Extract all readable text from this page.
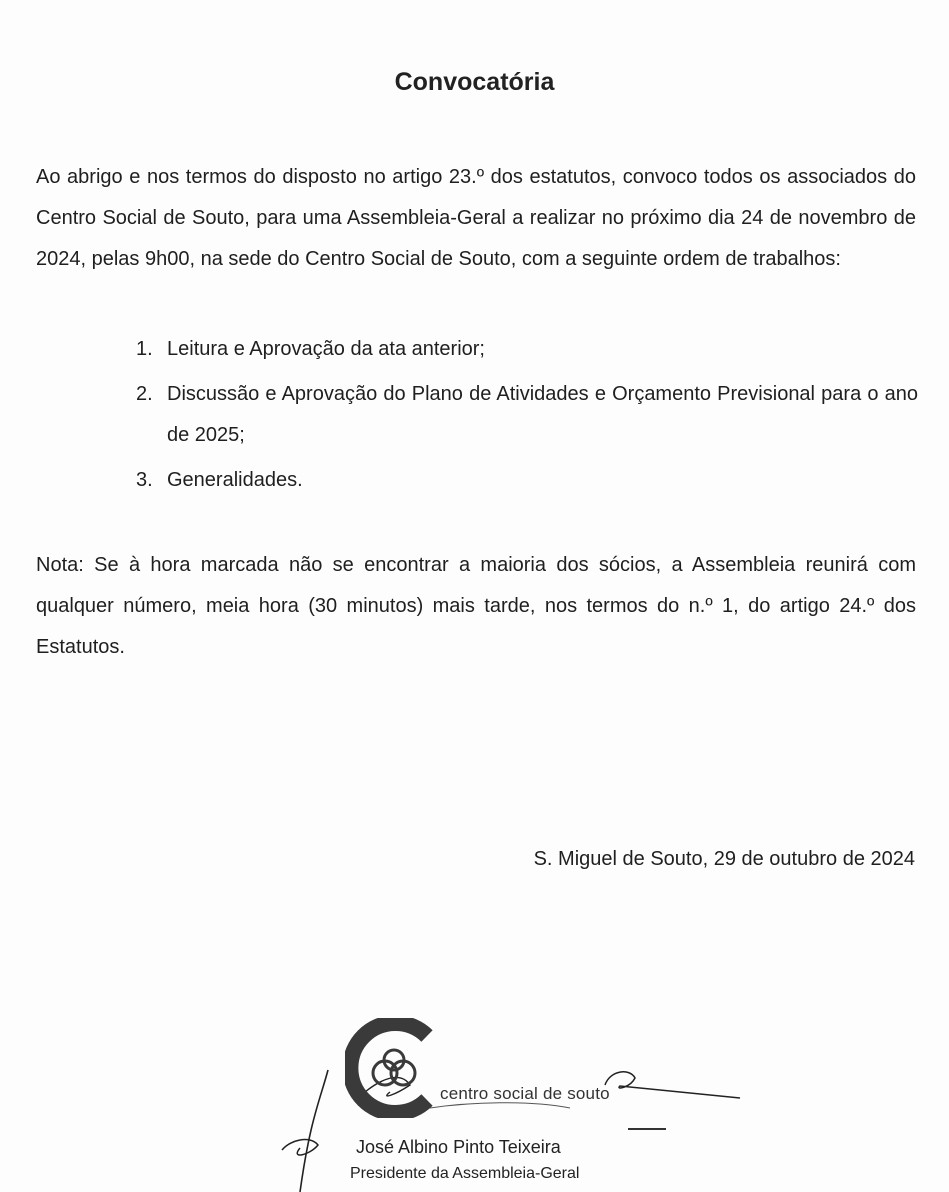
Convocatória
Ao abrigo e nos termos do disposto no artigo 23.º dos estatutos, convoco todos os associados do Centro Social de Souto, para uma Assembleia-Geral a realizar no próximo dia 24 de novembro de 2024, pelas 9h00, na sede do Centro Social de Souto, com a seguinte ordem de trabalhos:
1. Leitura e Aprovação da ata anterior;
2. Discussão e Aprovação do Plano de Atividades e Orçamento Previsional para o ano de 2025;
3. Generalidades.
Nota: Se à hora marcada não se encontrar a maioria dos sócios, a Assembleia reunirá com qualquer número, meia hora (30 minutos) mais tarde, nos termos do n.º 1, do artigo 24.º dos Estatutos.
S. Miguel de Souto, 29 de outubro de 2024
centro social de souto
José Albino Pinto Teixeira
Presidente da Assembleia-Geral
